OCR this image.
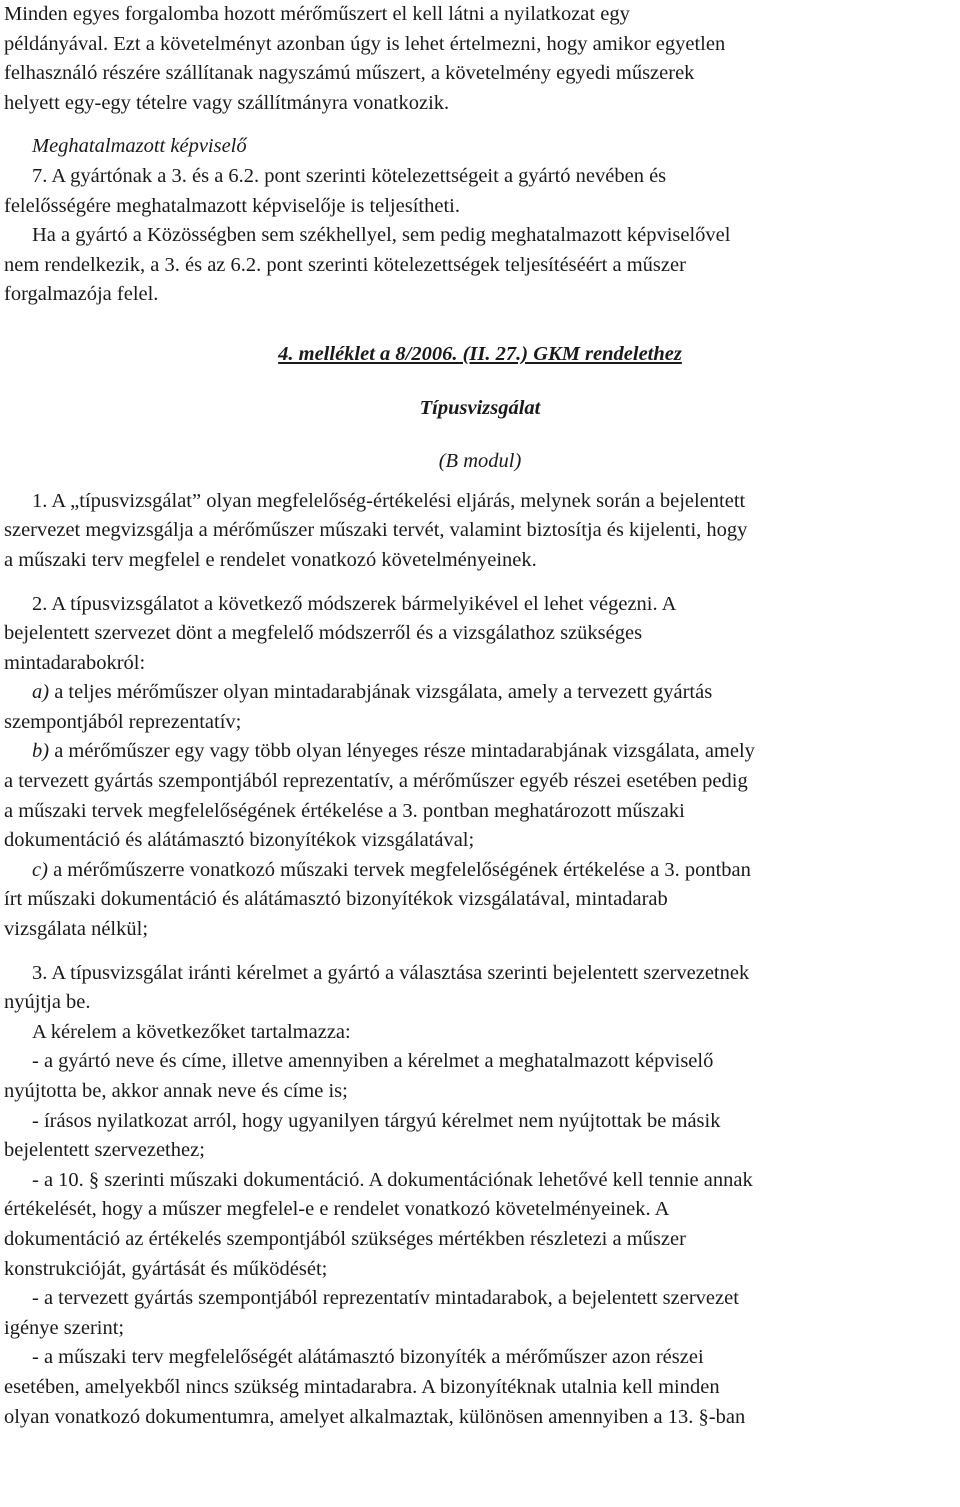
Minden egyes forgalomba hozott mérőműszert el kell látni a nyilatkozat egy
példányával. Ezt a követelményt azonban úgy is lehet értelmezni, hogy amikor egyetlen
felhasználó részére szállítanak nagyszámú műszert, a követelmény egyedi műszerek
helyett egy-egy tételre vagy szállítmányra vonatkozik.
Meghatalmazott képviselő
7. A gyártónak a 3. és a 6.2. pont szerinti kötelezettségeit a gyártó nevében és
felelősségére meghatalmazott képviselője is teljesítheti.
Ha a gyártó a Közösségben sem székhellyel, sem pedig meghatalmazott képviselővel
nem rendelkezik, a 3. és az 6.2. pont szerinti kötelezettségek teljesítéséért a műszer
forgalmazója felel.
4. melléklet a 8/2006. (II. 27.) GKM rendelethez
Típusvizsgálat
(B modul)
1. A „típusvizsgálat” olyan megfelelőség-értékelési eljárás, melynek során a bejelentett
szervezet megvizsgálja a mérőműszer műszaki tervét, valamint biztosítja és kijelenti, hogy
a műszaki terv megfelel e rendelet vonatkozó követelményeinek.
2. A típusvizsgálatot a következő módszerek bármelyikével el lehet végezni. A
bejelentett szervezet dönt a megfelelő módszerről és a vizsgálathoz szükséges
mintadarabokról:
a) a teljes mérőműszer olyan mintadarabjának vizsgálata, amely a tervezett gyártás
szempontjából reprezentatív;
b) a mérőműszer egy vagy több olyan lényeges része mintadarabjának vizsgálata, amely
a tervezett gyártás szempontjából reprezentatív, a mérőműszer egyéb részei esetében pedig
a műszaki tervek megfelelőségének értékelése a 3. pontban meghatározott műszaki
dokumentáció és alátámasztó bizonyítékok vizsgálatával;
c) a mérőműszerre vonatkozó műszaki tervek megfelelőségének értékelése a 3. pontban
írt műszaki dokumentáció és alátámasztó bizonyítékok vizsgálatával, mintadarab
vizsgálata nélkül;
3. A típusvizsgálat iránti kérelmet a gyártó a választása szerinti bejelentett szervezetnek
nyújtja be.
A kérelem a következőket tartalmazza:
- a gyártó neve és címe, illetve amennyiben a kérelmet a meghatalmazott képviselő
nyújtotta be, akkor annak neve és címe is;
- írásos nyilatkozat arról, hogy ugyanilyen tárgyú kérelmet nem nyújtottak be másik
bejelentett szervezethez;
- a 10. § szerinti műszaki dokumentáció. A dokumentációnak lehetővé kell tennie annak
értékelését, hogy a műszer megfelel-e e rendelet vonatkozó követelményeinek. A
dokumentáció az értékelés szempontjából szükséges mértékben részletezi a műszer
konstrukcióját, gyártását és működését;
- a tervezett gyártás szempontjából reprezentatív mintadarabok, a bejelentett szervezet
igénye szerint;
- a műszaki terv megfelelőségét alátámasztó bizonyíték a mérőműszer azon részei
esetében, amelyekből nincs szükség mintadarabra. A bizonyítéknak utalnia kell minden
olyan vonatkozó dokumentumra, amelyet alkalmaztak, különösen amennyiben a 13. §-ban
